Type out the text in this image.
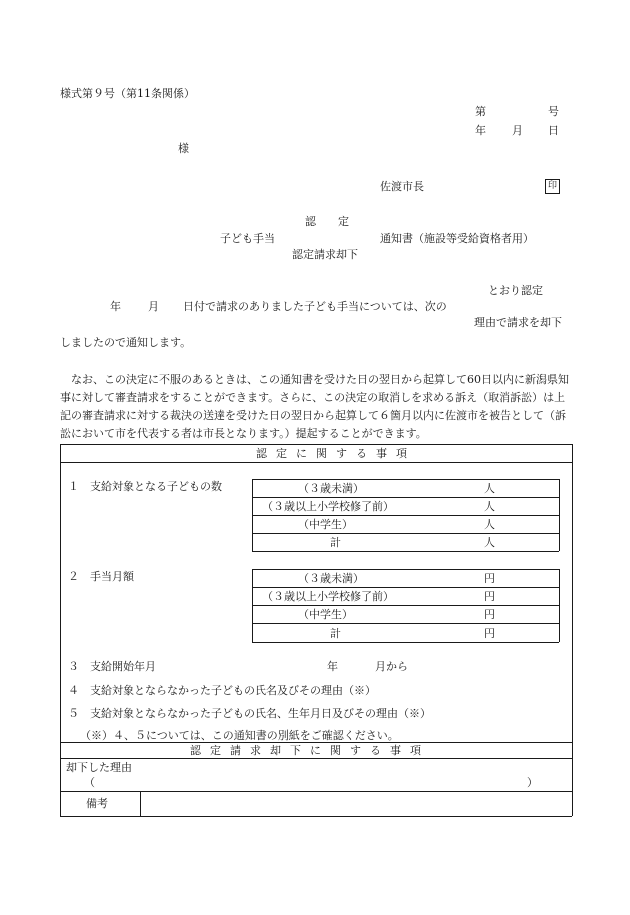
様式第９号（第11条関係）
第	号
年 月 日
様
佐渡市長	印
認　　定
子ども手当	通知書（施設等受給資格者用）
認定請求却下
とおり認定
年 月 日付で請求のありました子ども手当については、次の
理由で請求を却下
しましたので通知します。
　なお、この決定に不服のあるときは、この通知書を受けた日の翌日から起算して60日以内に新潟県知事に対して審査請求をすることができます。さらに、この決定の取消しを求める訴え（取消訴訟）は上記の審査請求に対する裁決の送達を受けた日の翌日から起算して６箇月以内に佐渡市を被告として（訴訟において市を代表する者は市長となります。）提起することができます。
認定に関する事項
１　支給対象となる子どもの数	（３歳未満）	人
（３歳以上小学校修了前）	人
（中学生）	人
計	人
２　手当月額	（３歳未満）	円
（３歳以上小学校修了前）	円
（中学生）	円
計	円
３　支給開始年月	年	月から
４　支給対象とならなかった子どもの氏名及びその理由（※）
５　支給対象とならなかった子どもの氏名、生年月日及びその理由（※）
（※）４、５については、この通知書の別紙をご確認ください。
認定請求却下に関する事項
却下した理由
（	）
備考
